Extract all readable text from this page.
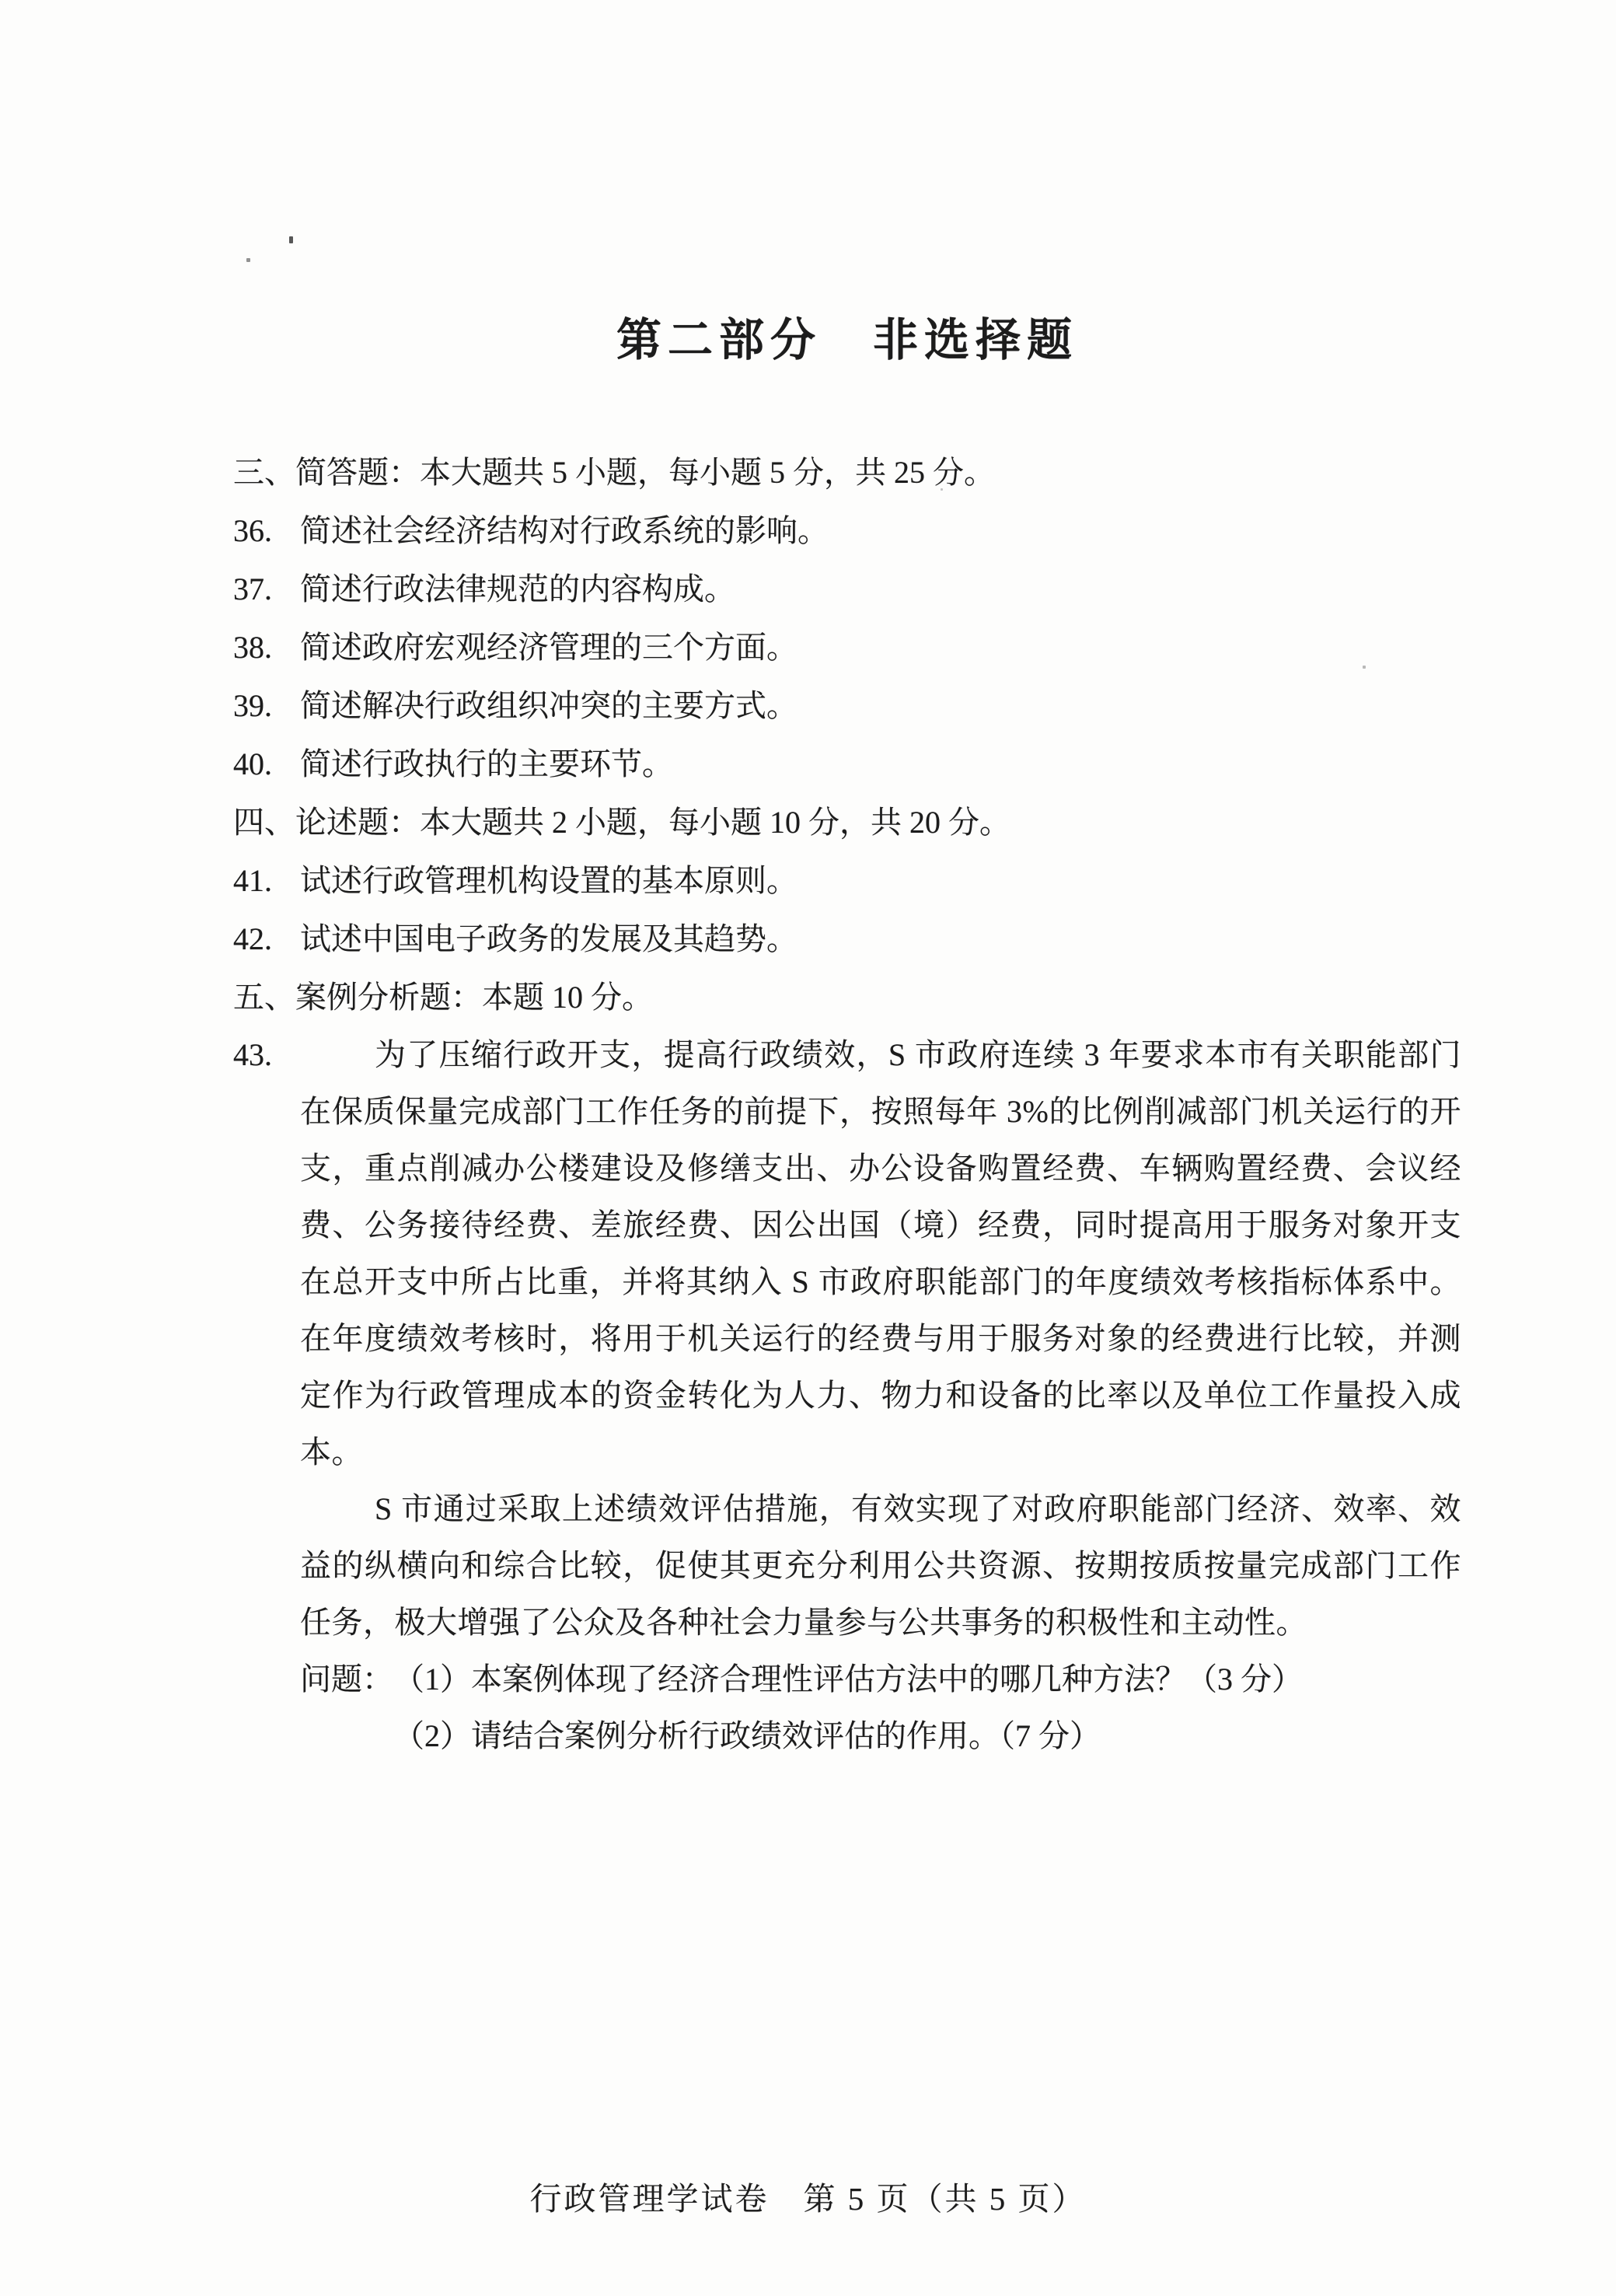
第二部分　非选择题
三、 简答题：本大题共 5 小题，每小题 5 分，共 25 分。
36. 简述社会经济结构对行政系统的影响。
37. 简述行政法律规范的内容构成。
38. 简述政府宏观经济管理的三个方面。
39. 简述解决行政组织冲突的主要方式。
40. 简述行政执行的主要环节。
四、 论述题：本大题共 2 小题，每小题 10 分，共 20 分。
41. 试述行政管理机构设置的基本原则。
42. 试述中国电子政务的发展及其趋势。
五、 案例分析题：本题 10 分。
43.	为了压缩行政开支，提高行政绩效，S 市政府连续 3 年要求本市有关职能部门在保质保量完成部门工作任务的前提下，按照每年 3%的比例削减部门机关运行的开支，重点削减办公楼建设及修缮支出、办公设备购置经费、车辆购置经费、会议经费、公务接待经费、差旅经费、因公出国（境）经费，同时提高用于服务对象开支在总开支中所占比重，并将其纳入 S 市政府职能部门的年度绩效考核指标体系中。在年度绩效考核时，将用于机关运行的经费与用于服务对象的经费进行比较，并测定作为行政管理成本的资金转化为人力、物力和设备的比率以及单位工作量投入成本。

S 市通过采取上述绩效评估措施，有效实现了对政府职能部门经济、效率、效益的纵横向和综合比较，促使其更充分利用公共资源、按期按质按量完成部门工作任务，极大增强了公众及各种社会力量参与公共事务的积极性和主动性。

问题： （1）本案例体现了经济合理性评估方法中的哪几种方法？（3 分）
（2）请结合案例分析行政绩效评估的作用。（7 分）
行政管理学试卷　第 5 页（共 5 页）
